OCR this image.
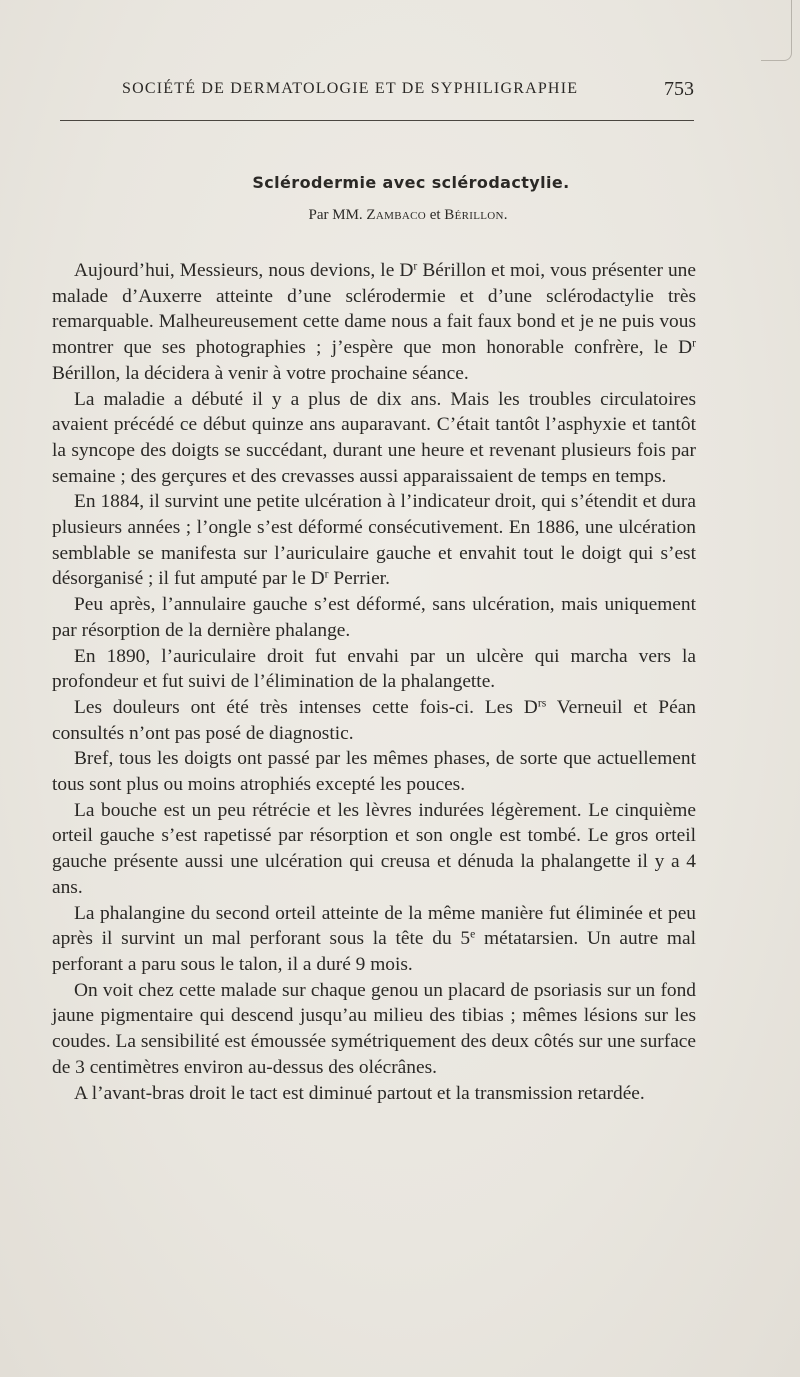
SOCIÉTÉ DE DERMATOLOGIE ET DE SYPHILIGRAPHIE	753
Sclérodermie avec sclérodactylie.
Par MM. Zambaco et Bérillon.

Aujourd’hui, Messieurs, nous devions, le $D^r$ Bérillon et moi, vous présenter une malade d’Auxerre atteinte d’une sclérodermie et d’une sclérodactylie très remarquable. Malheureusement cette dame nous a fait faux bond et je ne puis vous montrer que ses photographies ; j’espère que mon honorable confrère, le $D^r$ Bérillon, la décidera à venir à votre prochaine séance.

La maladie a débuté il y a plus de dix ans. Mais les troubles circulatoires avaient précédé ce début quinze ans auparavant. C’était tantôt l’asphyxie et tantôt la syncope des doigts se succédant, durant une heure et revenant plusieurs fois par semaine ; des gerçures et des crevasses aussi apparaissaient de temps en temps.

En 1884, il survint une petite ulcération à l’indicateur droit, qui s’étendit et dura plusieurs années ; l’ongle s’est déformé consécutivement. En 1886, une ulcération semblable se manifesta sur l’auriculaire gauche et envahit tout le doigt qui s’est désorganisé ; il fut amputé par le $D^r$ Perrier.

Peu après, l’annulaire gauche s’est déformé, sans ulcération, mais uniquement par résorption de la dernière phalange.

En 1890, l’auriculaire droit fut envahi par un ulcère qui marcha vers la profondeur et fut suivi de l’élimination de la phalangette.

Les douleurs ont été très intenses cette fois-ci. Les $D^{rs}$ Verneuil et Péan consultés n’ont pas posé de diagnostic.

Bref, tous les doigts ont passé par les mêmes phases, de sorte que actuellement tous sont plus ou moins atrophiés excepté les pouces.

La bouche est un peu rétrécie et les lèvres indurées légèrement. Le cinquième orteil gauche s’est rapetissé par résorption et son ongle est tombé. Le gros orteil gauche présente aussi une ulcération qui creusa et dénuda la phalangette il y a 4 ans.

La phalangine du second orteil atteinte de la même manière fut éliminée et peu après il survint un mal perforant sous la tête du 5e métatarsien. Un autre mal perforant a paru sous le talon, il a duré 9 mois.

On voit chez cette malade sur chaque genou un placard de psoriasis sur un fond jaune pigmentaire qui descend jusqu’au milieu des tibias ; mêmes lésions sur les coudes. La sensibilité est émoussée symétriquement des deux côtés sur une surface de 3 centimètres environ au-dessus des olécrânes.

A l’avant-bras droit le tact est diminué partout et la transmission retardée.
